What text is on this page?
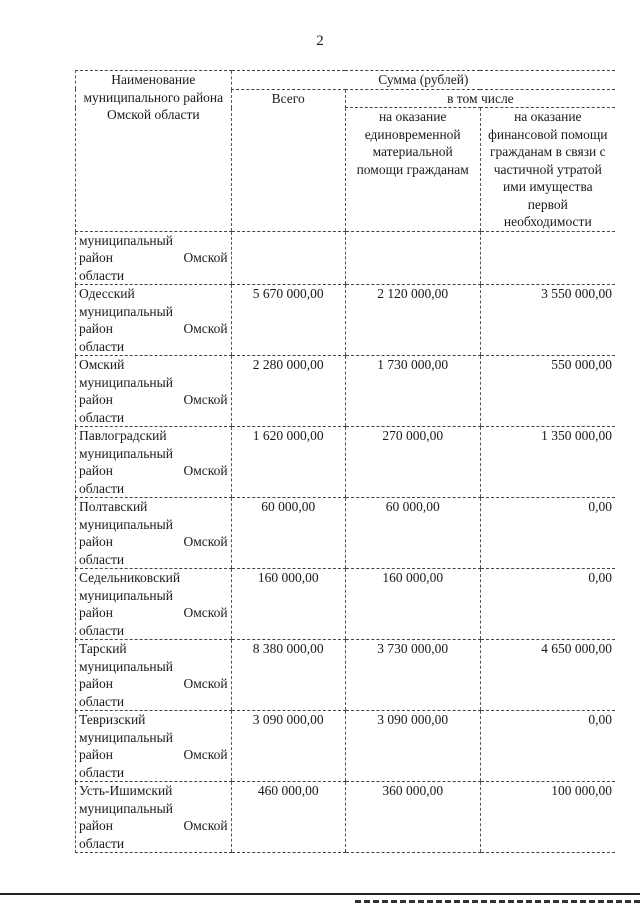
2
Наименование муниципального района Омской области	Сумма (рублей)		
	Всего	в том числе	
		на оказание единовременной материальной помощи гражданам	на оказание финансовой помощи гражданам в связи с частичной утратой ими имущества первой необходимости

муниципальный
район Омской
области			

Одесский
муниципальный
район Омской
области	5 670 000,00	2 120 000,00	3 550 000,00

Омский
муниципальный
район Омской
области	2 280 000,00	1 730 000,00	550 000,00

Павлоградский
муниципальный
район Омской
области	1 620 000,00	270 000,00	1 350 000,00

Полтавский
муниципальный
район Омской
области	60 000,00	60 000,00	0,00

Седельниковский
муниципальный
район Омской
области	160 000,00	160 000,00	0,00

Тарский
муниципальный
район Омской
области	8 380 000,00	3 730 000,00	4 650 000,00

Тевризский
муниципальный
район Омской
области	3 090 000,00	3 090 000,00	0,00

Усть-Ишимский
муниципальный
район Омской
области	460 000,00	360 000,00	100 000,00
